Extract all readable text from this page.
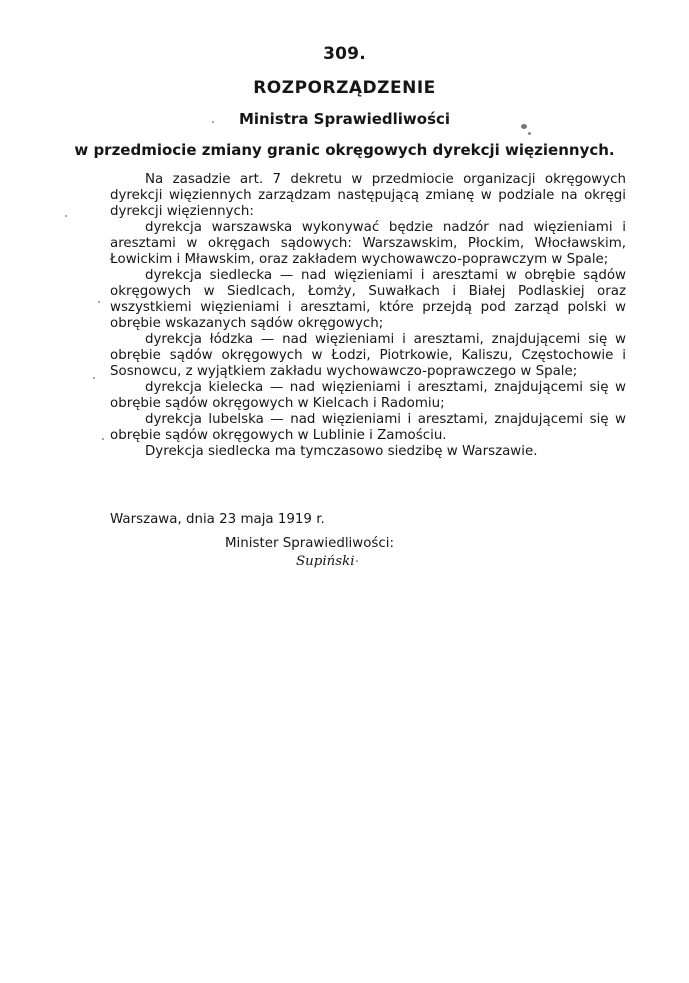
309.
ROZPORZĄDZENIE
Ministra Sprawiedliwości
w przedmiocie zmiany granic okręgowych dyrekcji więziennych.

Na zasadzie art. 7 dekretu w przedmiocie organizacji okręgowych dyrekcji więziennych zarządzam następującą zmianę w podziale na okręgi dyrekcji więziennych:

dyrekcja warszawska wykonywać będzie nadzór nad więzieniami i aresztami w okręgach sądowych: Warszawskim, Płockim, Włocławskim, Łowickim i Mławskim, oraz zakładem wychowawczo-poprawczym w Spale;

dyrekcja siedlecka — nad więzieniami i aresztami w obrębie sądów okręgowych w Siedlcach, Łomży, Suwałkach i Białej Podlaskiej oraz wszystkiemi więzieniami i aresztami, które przejdą pod zarząd polski w obrębie wskazanych sądów okręgowych;

dyrekcja łódzka — nad więzieniami i aresztami, znajdującemi się w obrębie sądów okręgowych w Łodzi, Piotrkowie, Kaliszu, Częstochowie i Sosnowcu, z wyjątkiem zakładu wychowawczo-poprawczego w Spale;

dyrekcja kielecka — nad więzieniami i aresztami, znajdującemi się w obrębie sądów okręgowych w Kielcach i Radomiu;

dyrekcja lubelska — nad więzieniami i aresztami, znajdującemi się w obrębie sądów okręgowych w Lublinie i Zamościu.

Dyrekcja siedlecka ma tymczasowo siedzibę w Warszawie.

Warszawa, dnia 23 maja 1919 r.
Minister Sprawiedliwości:
Supiński
